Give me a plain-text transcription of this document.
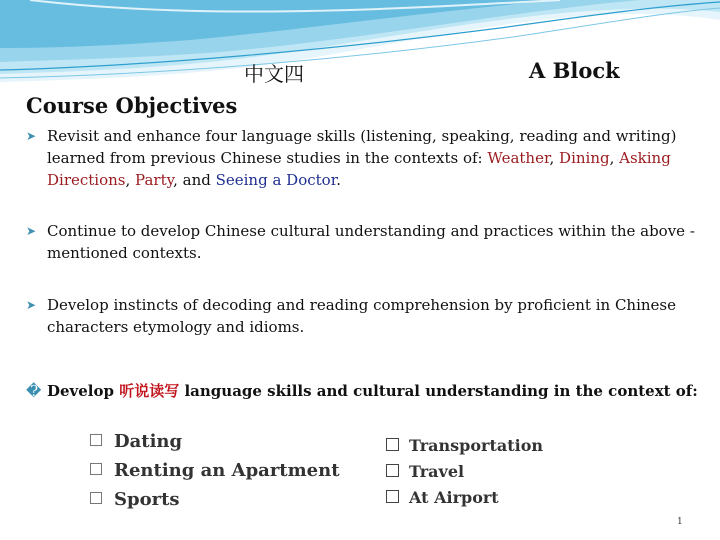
中文四	A Block
Course Objectives
➤ Revisit and enhance four language skills (listening, speaking, reading and writing) learned from previous Chinese studies in the contexts of: Weather, Dining, Asking Directions, Party, and Seeing a Doctor.
➤ Continue to develop Chinese cultural understanding and practices within the above -mentioned contexts.
➤ Develop instincts of decoding and reading comprehension by proficient in Chinese characters etymology and idioms.
� Develop 听说读写 language skills and cultural understanding in the context of:
Dating
Renting an Apartment
Sports
Transportation
Travel
At Airport
1
